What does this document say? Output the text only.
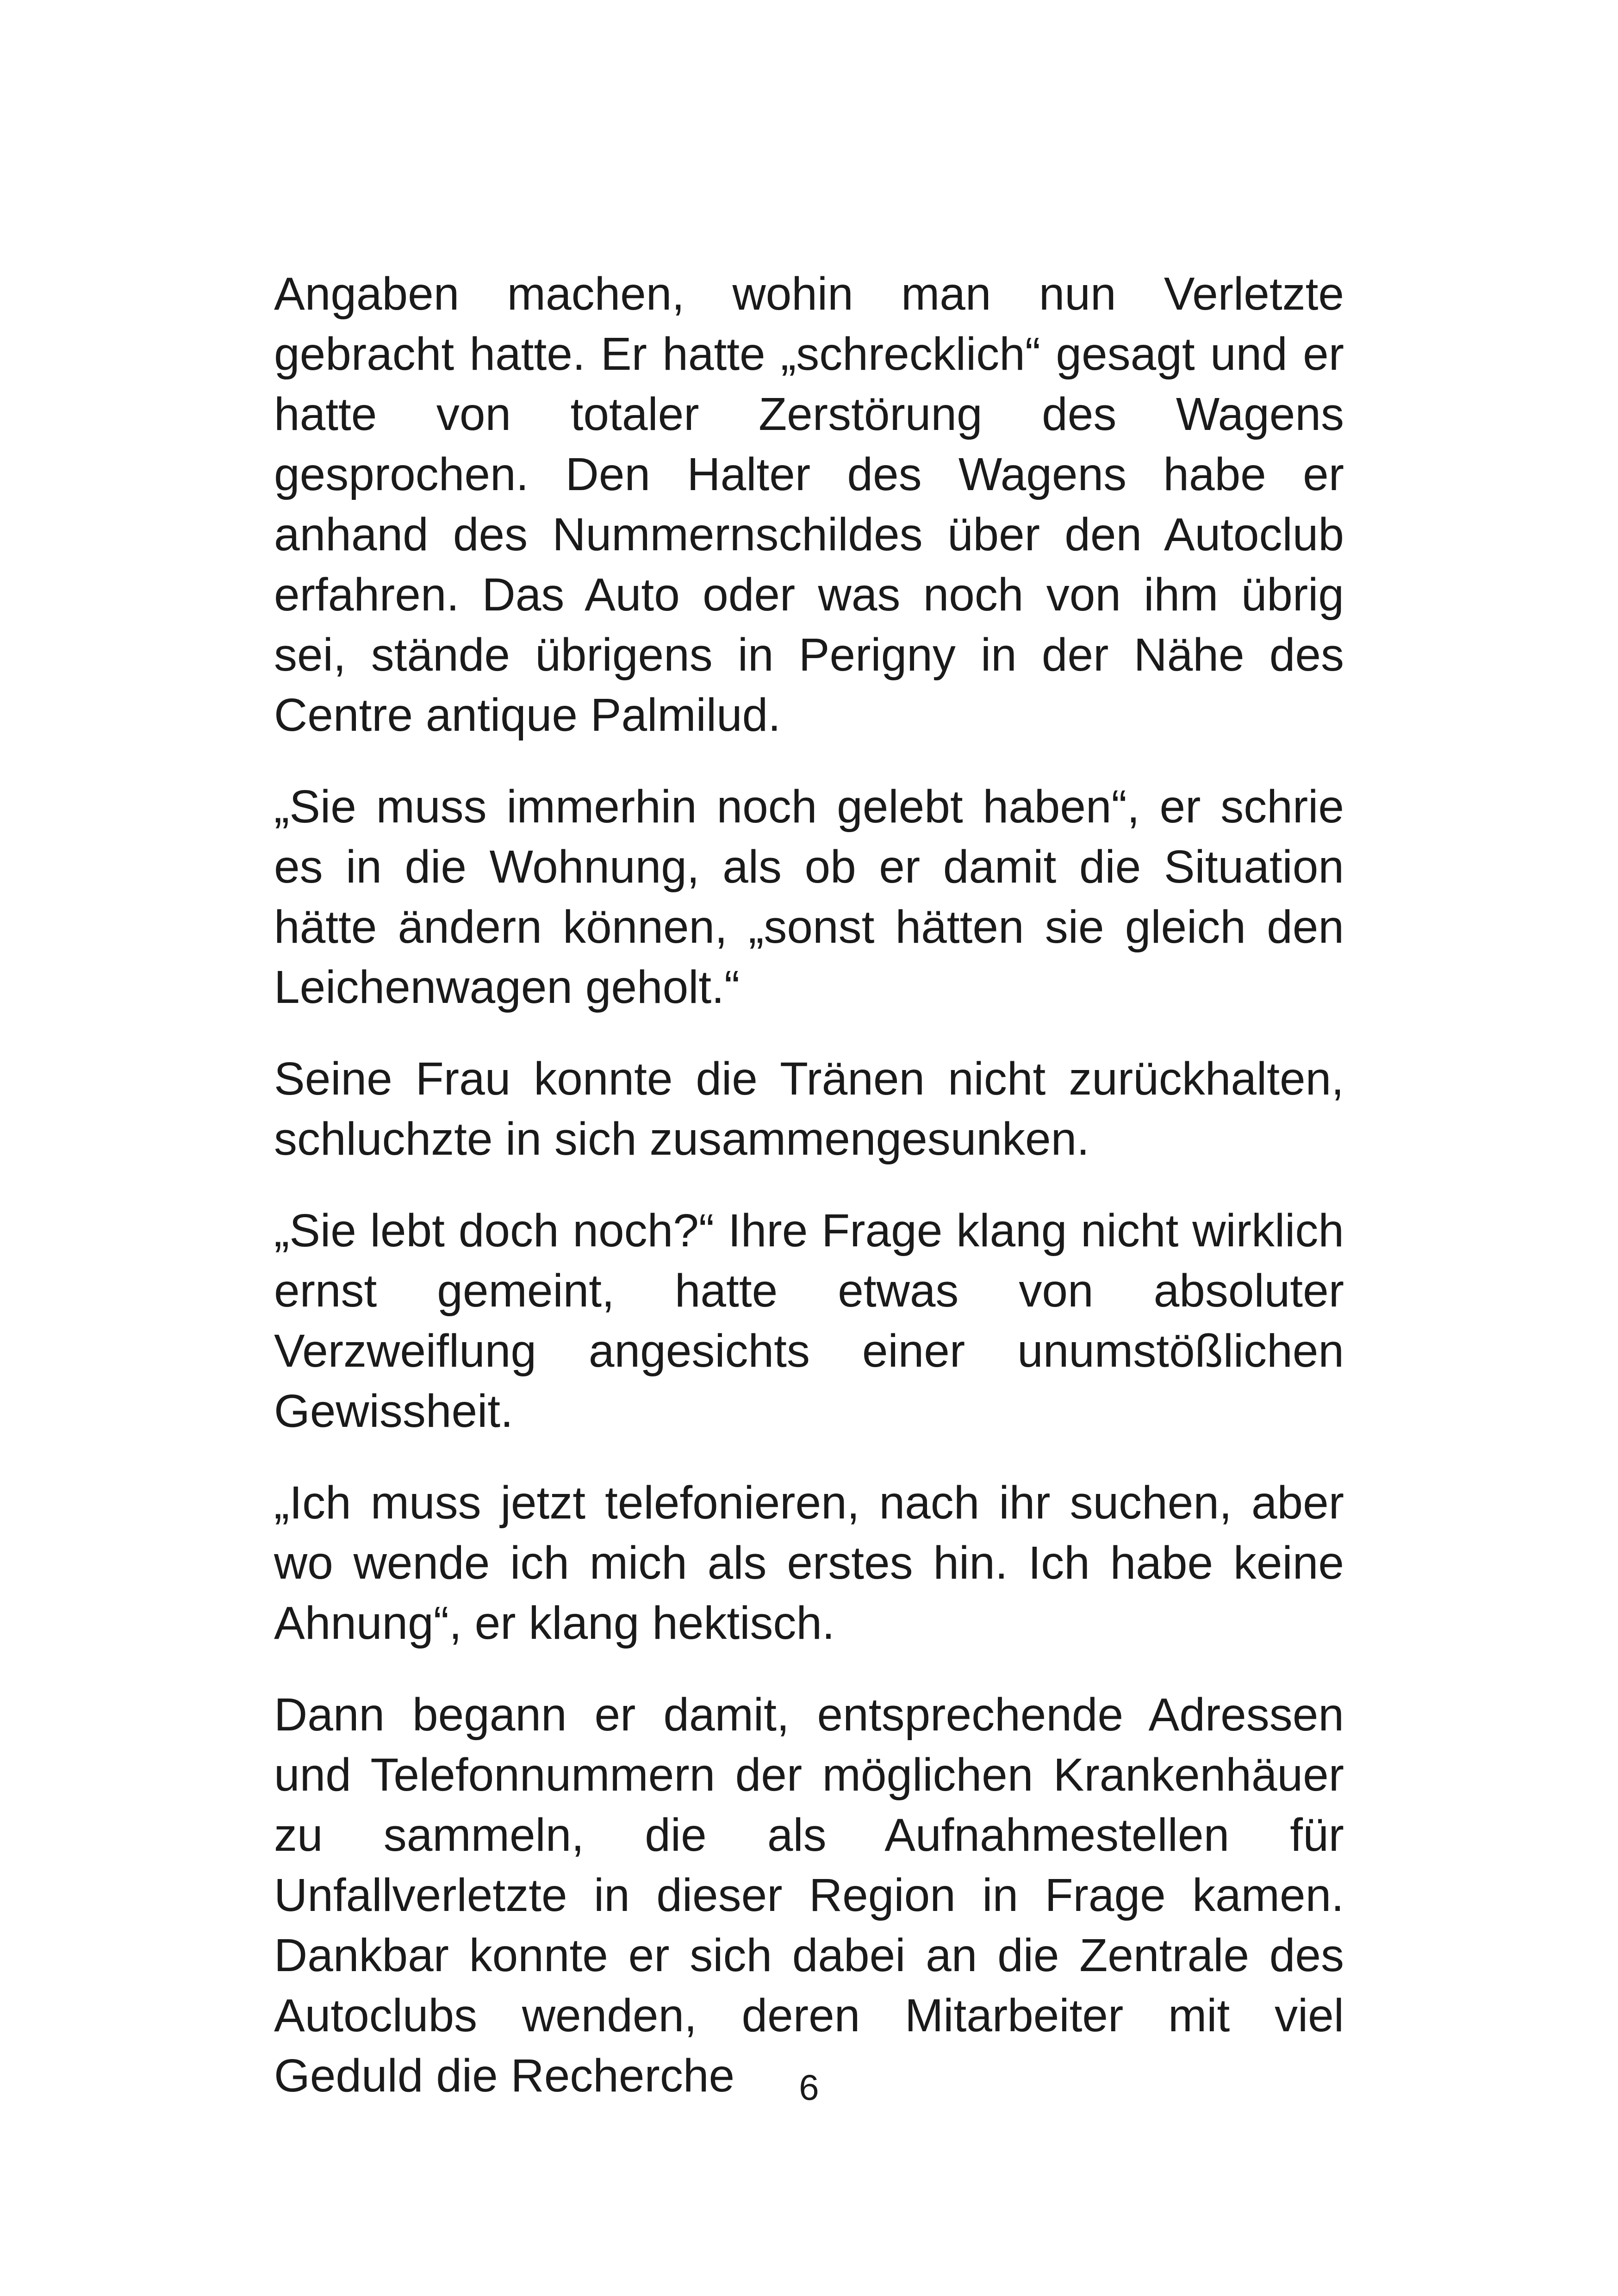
Angaben machen, wohin man nun Verletzte gebracht hatte. Er hatte „schrecklich“ gesagt und er hatte von totaler Zerstörung des Wagens gesprochen. Den Halter des Wagens habe er anhand des Nummernschildes über den Autoclub erfahren. Das Auto oder was noch von ihm übrig sei, stände übrigens in Perigny in der Nähe des Centre antique Palmilud.

„Sie muss immerhin noch gelebt haben“, er schrie es in die Wohnung, als ob er damit die Situation hätte ändern können, „sonst hätten sie gleich den Leichenwagen geholt.“

Seine Frau konnte die Tränen nicht zurückhalten, schluchzte in sich zusammengesunken.

„Sie lebt doch noch?“ Ihre Frage klang nicht wirklich ernst gemeint, hatte etwas von absoluter Verzweiflung angesichts einer unumstößlichen Gewissheit.

„Ich muss jetzt telefonieren, nach ihr suchen, aber wo wende ich mich als erstes hin. Ich habe keine Ahnung“, er klang hektisch.

Dann begann er damit, entsprechende Adressen und Telefonnummern der möglichen Krankenhäuer zu sammeln, die als Aufnahmestellen für Unfallverletzte in dieser Region in Frage kamen. Dankbar konnte er sich dabei an die Zentrale des Autoclubs wenden, deren Mitarbeiter mit viel Geduld die Recherche	6
